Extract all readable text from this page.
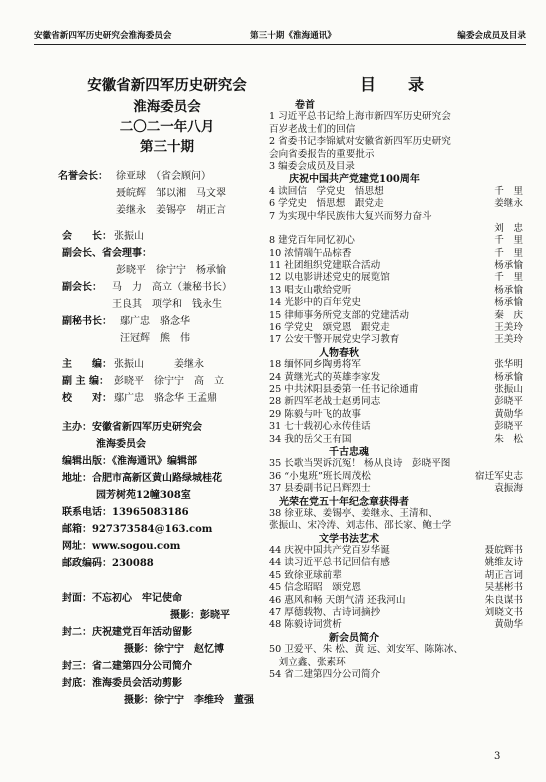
安徽省新四军历史研究会淮海委员会	第三十期《淮海通讯》	编委会成员及目录
安徽省新四军历史研究会
淮海委员会
二〇二一年八月
第三十期
名誉会长： 徐亚球　（省会顾问）
聂皖辉　邹以湘　马文翠
姜继永　姜锡亭　胡正言
会　　长： 张振山
副会长、省会理事：
彭晓平　徐宁宁　杨承愉
副会长： 马　力　高立（兼秘书长）
王良其　项学和　钱永生
副秘书长： 鄢广忠　骆念华
汪冠辉　熊　伟
主　　编： 张振山　　　姜继永
副 主 编： 彭晓平　徐宁宁　高　立
校　　对： 鄢广忠　骆念华 王孟鼎
主办：安徽省新四军历史研究会
淮海委员会
编辑出版：《淮海通讯》编辑部
地址：合肥市高新区黄山路绿城桂花
园芳树苑12幢308室
联系电话：13965083186
邮箱：927373584@163.com
网址：www.sogou.com
邮政编码：230088
封面：不忘初心　牢记使命
摄影：彭晓平
封二：庆祝建党百年活动留影
摄影：徐宁宁　赵忆博
封三：省二建第四分公司简介
封底：淮海委员会活动剪影
摄影：徐宁宁　李维玲　董强
目　录
卷首
1 习近平总书记给上海市新四军历史研究会
百岁老战士们的回信
2 省委书记李锦斌对安徽省新四军历史研究
会向省委报告的重要批示
3 编委会成员及目录
　　庆祝中国共产党建党100周年
4 读回信　学党史　悟思想	千　里
6 学党史　悟思想　跟党走	姜继永
7 为实现中华民族伟大复兴而努力奋斗
刘　忠
8 建党百年同忆初心	千　里
10 浓情端午品棕香	千　里
11 社团组织党建联合活动	杨承愉
12 以电影讲述党史的展览馆	千　里
13 唱支山歌给党听	杨承愉
14 光影中的百年党史	杨承愉
15 律师事务所党支部的党建活动	秦　庆
16 学党史　颂党恩　跟党走	王美玲
17 公安干警开展党史学习教育	王美玲
　　　　　人物春秋
18 缅怀同乡陶勇将军	张华明
24 黄继光式的英雄李家发	杨承愉
25 中共沭阳县委第一任书记徐通甫	张振山
28 新四军老战士赵勇同志	彭晓平
29 陈毅与叶飞的故事	黄勋华
31 七十载初心永传佳话	彭晓平
34 我的岳父王有国	朱　松
　　　　　　千古忠魂
35 长歌当哭诉沉冤！ 杨从良诗　彭晓平图
36 “小鬼班”班长周茂松	宿迁军史志
37 县委副书记吕辉烈士	袁振海
　光荣在党五十年纪念章获得者
38 徐亚球、姜锡亭、姜继永、王清和、
张振山、宋冷涛、刘志伟、邵长家、鲍士学
　　　　　文学书法艺术
44 庆祝中国共产党百岁华诞	聂皖辉书
44 读习近平总书记回信有感	姚维友诗
45 致徐亚球前辈	胡正言词
45 信念昭昭　颂党恩	吴基彬书
46 惠风和畅 天朗气清 还我河山	朱良谋书
47 厚德载物、古诗词摘抄	刘晓文书
48 陈毅诗词赏析	黄勋华
　　　　　　新会员简介
50 卫爱平、朱 松、黄 远、刘安军、陈陈冰、
　刘立鑫、张素环
54 省二建第四分公司简介
3
